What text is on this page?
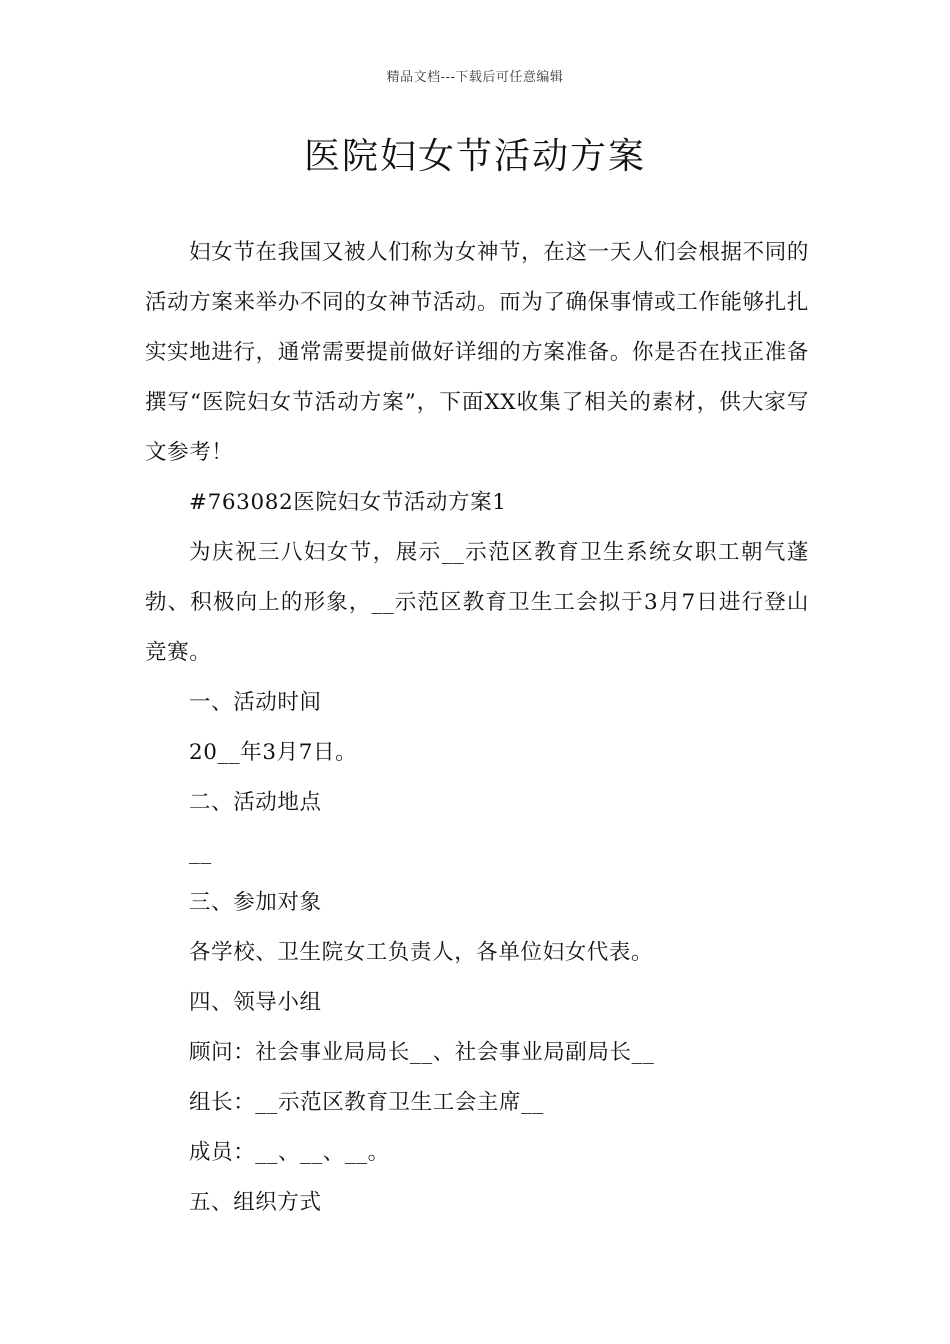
精品文档---下载后可任意编辑
医院妇女节活动方案

妇女节在我国又被人们称为女神节，在这一天人们会根据不同的活动方案来举办不同的女神节活动。而为了确保事情或工作能够扎扎实实地进行，通常需要提前做好详细的方案准备。你是否在找正准备撰写“医院妇女节活动方案”，下面XX收集了相关的素材，供大家写文参考！

#763082医院妇女节活动方案1

为庆祝三八妇女节，展示__示范区教育卫生系统女职工朝气蓬勃、积极向上的形象，__示范区教育卫生工会拟于3月7日进行登山竞赛。

一、活动时间

20__年3月7日。

二、活动地点

__

三、参加对象

各学校、卫生院女工负责人，各单位妇女代表。

四、领导小组

顾问：社会事业局局长__、社会事业局副局长__

组长：__示范区教育卫生工会主席__

成员：__、__、__。

五、组织方式
